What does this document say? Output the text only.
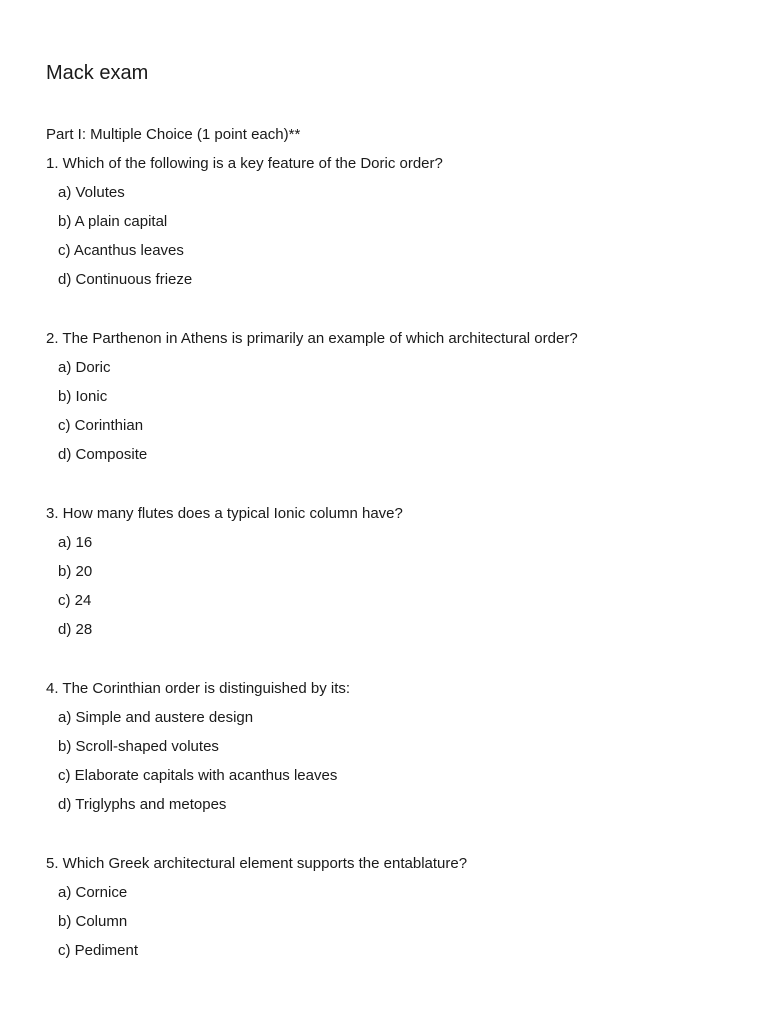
Mack exam
Part I: Multiple Choice (1 point each)**
1. Which of the following is a key feature of the Doric order?
a) Volutes
b) A plain capital
c) Acanthus leaves
d) Continuous frieze
2. The Parthenon in Athens is primarily an example of which architectural order?
a) Doric
b) Ionic
c) Corinthian
d) Composite
3. How many flutes does a typical Ionic column have?
a) 16
b) 20
c) 24
d) 28
4. The Corinthian order is distinguished by its:
a) Simple and austere design
b) Scroll-shaped volutes
c) Elaborate capitals with acanthus leaves
d) Triglyphs and metopes
5. Which Greek architectural element supports the entablature?
a) Cornice
b) Column
c) Pediment
